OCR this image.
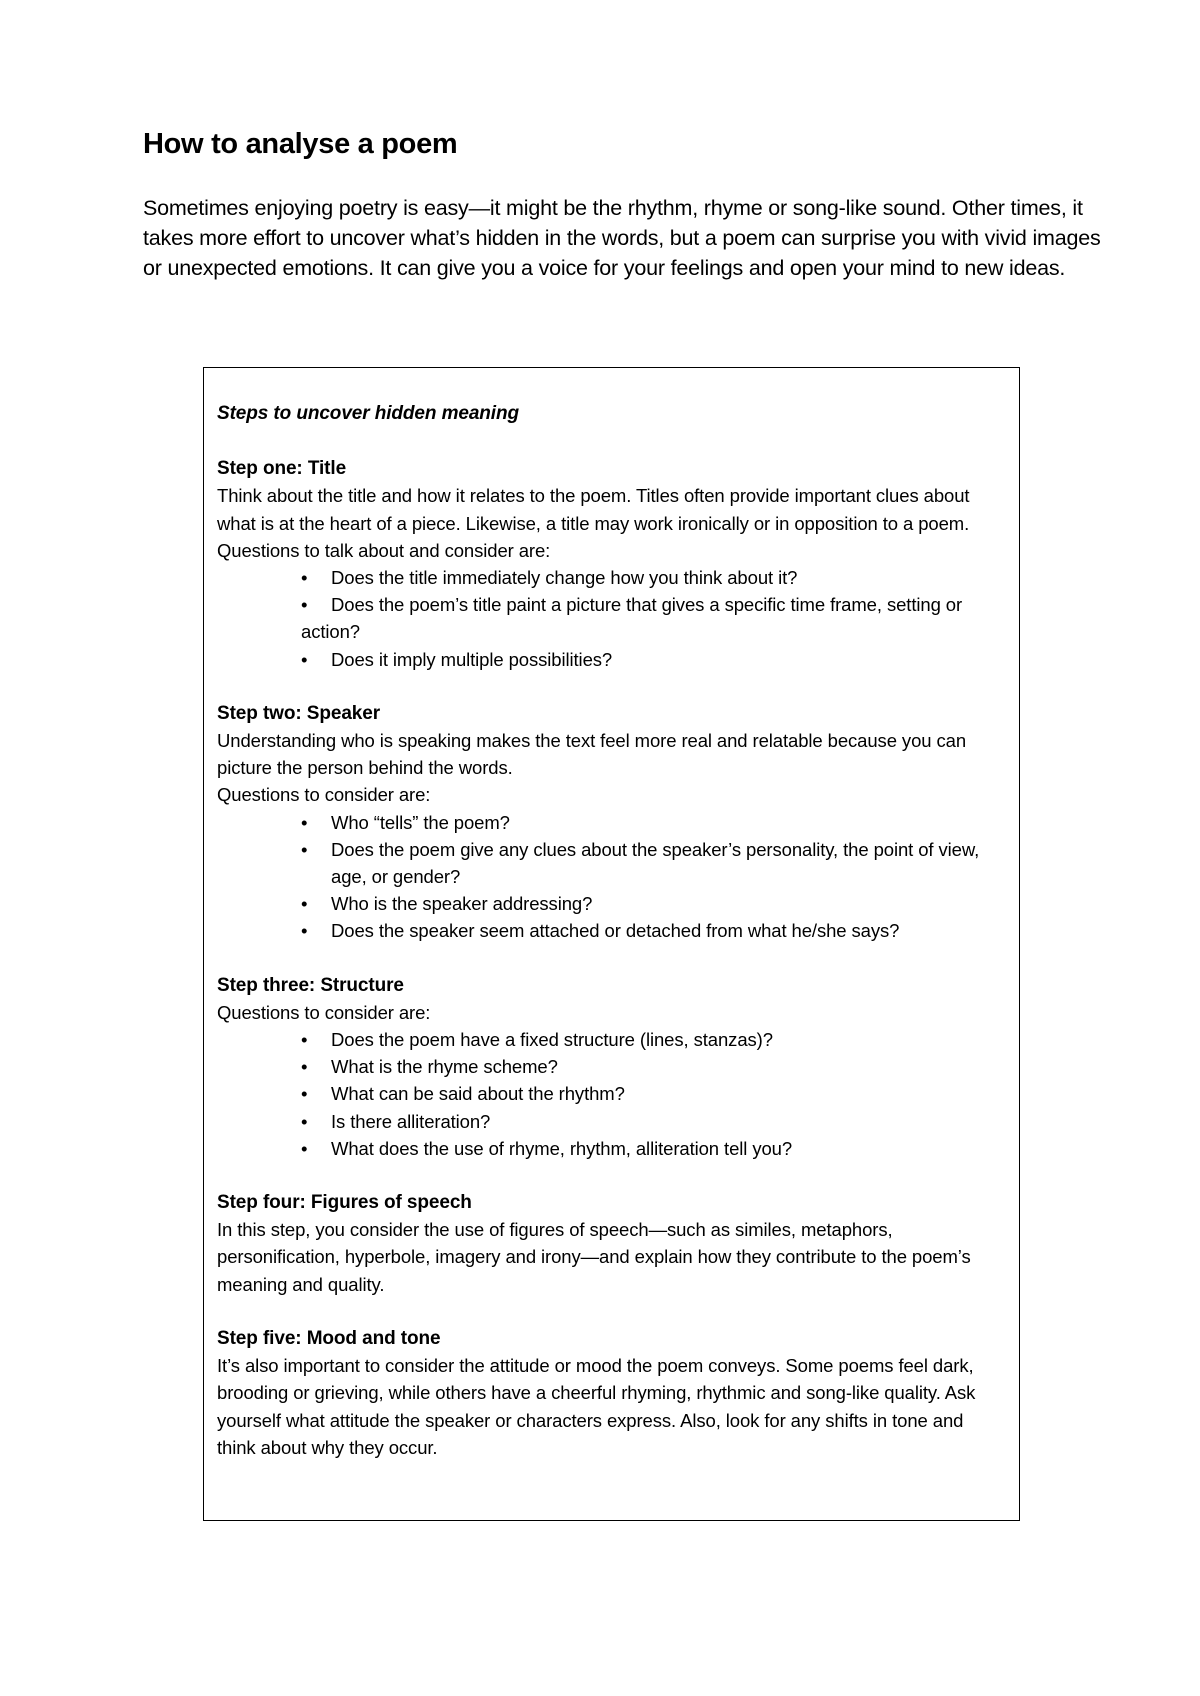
How to analyse a poem

Sometimes enjoying poetry is easy—it might be the rhythm, rhyme or song-like sound. Other times, it takes more effort to uncover what’s hidden in the words, but a poem can surprise you with vivid images or unexpected emotions. It can give you a voice for your feelings and open your mind to new ideas.

Steps to uncover hidden meaning

Step one: Title

Think about the title and how it relates to the poem. Titles often provide important clues about what is at the heart of a piece. Likewise, a title may work ironically or in opposition to a poem.

Questions to talk about and consider are:

• Does the title immediately change how you think about it?
• Does the poem’s title paint a picture that gives a specific time frame, setting or action?
• Does it imply multiple possibilities?

Step two: Speaker

Understanding who is speaking makes the text feel more real and relatable because you can picture the person behind the words.

Questions to consider are:

• Who “tells” the poem?
• Does the poem give any clues about the speaker’s personality, the point of view, age, or gender?
• Who is the speaker addressing?
• Does the speaker seem attached or detached from what he/she says?

Step three: Structure

Questions to consider are:

• Does the poem have a fixed structure (lines, stanzas)?
• What is the rhyme scheme?
• What can be said about the rhythm?
• Is there alliteration?
• What does the use of rhyme, rhythm, alliteration tell you?

Step four: Figures of speech

In this step, you consider the use of figures of speech—such as similes, metaphors, personification, hyperbole, imagery and irony—and explain how they contribute to the poem’s meaning and quality.

Step five: Mood and tone

It’s also important to consider the attitude or mood the poem conveys. Some poems feel dark, brooding or grieving, while others have a cheerful rhyming, rhythmic and song-like quality. Ask yourself what attitude the speaker or characters express. Also, look for any shifts in tone and think about why they occur.
